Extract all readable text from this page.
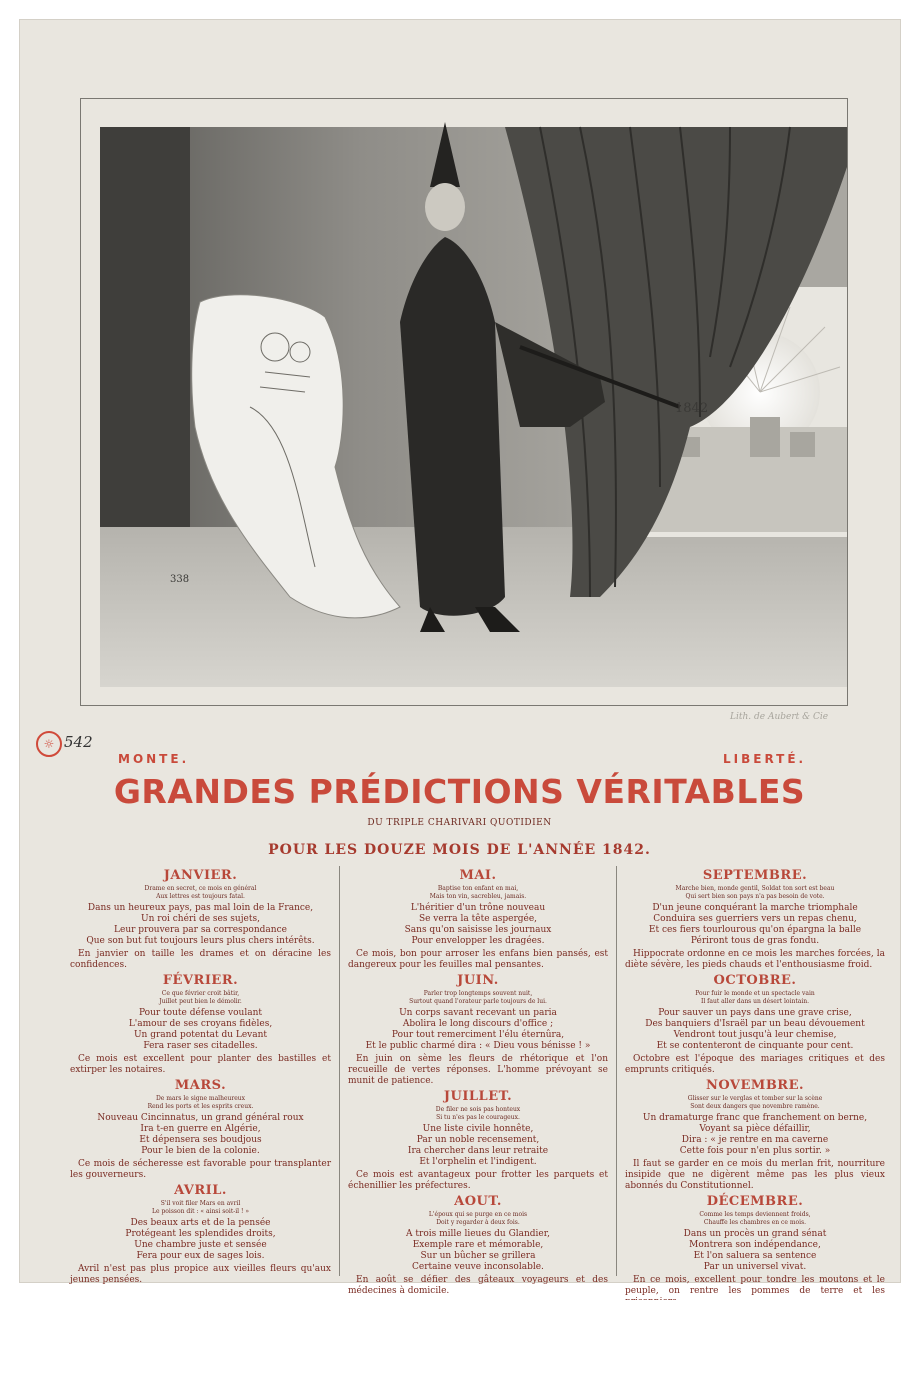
1842
338
Lith. de Aubert & Cie
☼ 542
MONTE.	LIBERTÉ.
GRANDES PRÉDICTIONS VÉRITABLES
DU TRIPLE CHARIVARI QUOTIDIEN
POUR LES DOUZE MOIS DE L'ANNÉE 1842.
JANVIER.
Drame en secret, ce mois en général
Aux lettres est toujours fatal.
Dans un heureux pays, pas mal loin de la France,
Un roi chéri de ses sujets,
Leur prouvera par sa correspondance
Que son but fut toujours leurs plus chers intérêts.
En janvier on taille les drames et on déracine les confidences.
FÉVRIER.
Ce que février croit bâtir,
Juillet peut bien le démolir.
Pour toute défense voulant
L'amour de ses croyans fidèles,
Un grand potentat du Levant
Fera raser ses citadelles.
Ce mois est excellent pour planter des bastilles et extirper les notaires.
MARS.
De mars le signe malheureux
Rend les ports et les esprits creux.
Nouveau Cincinnatus, un grand général roux
Ira t-en guerre en Algérie,
Et dépensera ses boudjous
Pour le bien de la colonie.
Ce mois de sécheresse est favorable pour transplanter les gouverneurs.
AVRIL.
S'il voit filer Mars en avril
Le poisson dit : « ainsi soit-il ! »
Des beaux arts et de la pensée
Protégeant les splendides droits,
Une chambre juste et sensée
Fera pour eux de sages lois.
Avril n'est pas plus propice aux vieilles fleurs qu'aux jeunes pensées.
MAI.
Baptise ton enfant en mai,
Mais ton vin, sacrebleu, jamais.
L'héritier d'un trône nouveau
Se verra la tête aspergée,
Sans qu'on saisisse les journaux
Pour envelopper les dragées.
Ce mois, bon pour arroser les enfans bien pansés, est dangereux pour les feuilles mal pensantes.
JUIN.
Parler trop longtemps souvent nuit,
Surtout quand l'orateur parle toujours de lui.
Un corps savant recevant un paria
Abolira le long discours d'office ;
Pour tout remerciment l'élu éternûra,
Et le public charmé dira : « Dieu vous bénisse ! »
En juin on sème les fleurs de rhétorique et l'on recueille de vertes réponses. L'homme prévoyant se munit de patience.
JUILLET.
De filer ne sois pas honteux
Si tu n'es pas le courageux.
Une liste civile honnête,
Par un noble recensement,
Ira chercher dans leur retraite
Et l'orphelin et l'indigent.
Ce mois est avantageux pour frotter les parquets et échenillier les préfectures.
AOUT.
L'époux qui se purge en ce mois
Doit y regarder à deux fois.
A trois mille lieues du Glandier,
Exemple rare et mémorable,
Sur un bûcher se grillera
Certaine veuve inconsolable.
En août se défier des gâteaux voyageurs et des médecines à domicile.
SEPTEMBRE.
Marche bien, monde gentil, Soldat ton sort est beau
Qui sert bien son pays n'a pas besoin de vote.
D'un jeune conquérant la marche triomphale
Conduira ses guerriers vers un repas chenu,
Et ces fiers tourlourous qu'on épargna la balle
Périront tous de gras fondu.
Hippocrate ordonne en ce mois les marches forcées, la diète sévère, les pieds chauds et l'enthousiasme froid.
OCTOBRE.
Pour fuir le monde et un spectacle vain
Il faut aller dans un désert lointain.
Pour sauver un pays dans une grave crise,
Des banquiers d'Israël par un beau dévouement
Vendront tout jusqu'à leur chemise,
Et se contenteront de cinquante pour cent.
Octobre est l'époque des mariages critiques et des emprunts critiqués.
NOVEMBRE.
Glisser sur le verglas et tomber sur la scène
Sont deux dangers que novembre ramène.
Un dramaturge franc que franchement on berne,
Voyant sa pièce défaillir,
Dira : « je rentre en ma caverne
Cette fois pour n'en plus sortir. »
Il faut se garder en ce mois du merlan frit, nourriture insipide que ne digèrent même pas les plus vieux abonnés du Constitutionnel.
DÉCEMBRE.
Comme les temps deviennent froids,
Chauffe les chambres en ce mois.
Dans un procès un grand sénat
Montrera son indépendance,
Et l'on saluera sa sentence
Par un universel vivat.
En ce mois, excellent pour tondre les moutons et le peuple, on rentre les pommes de terre et les
